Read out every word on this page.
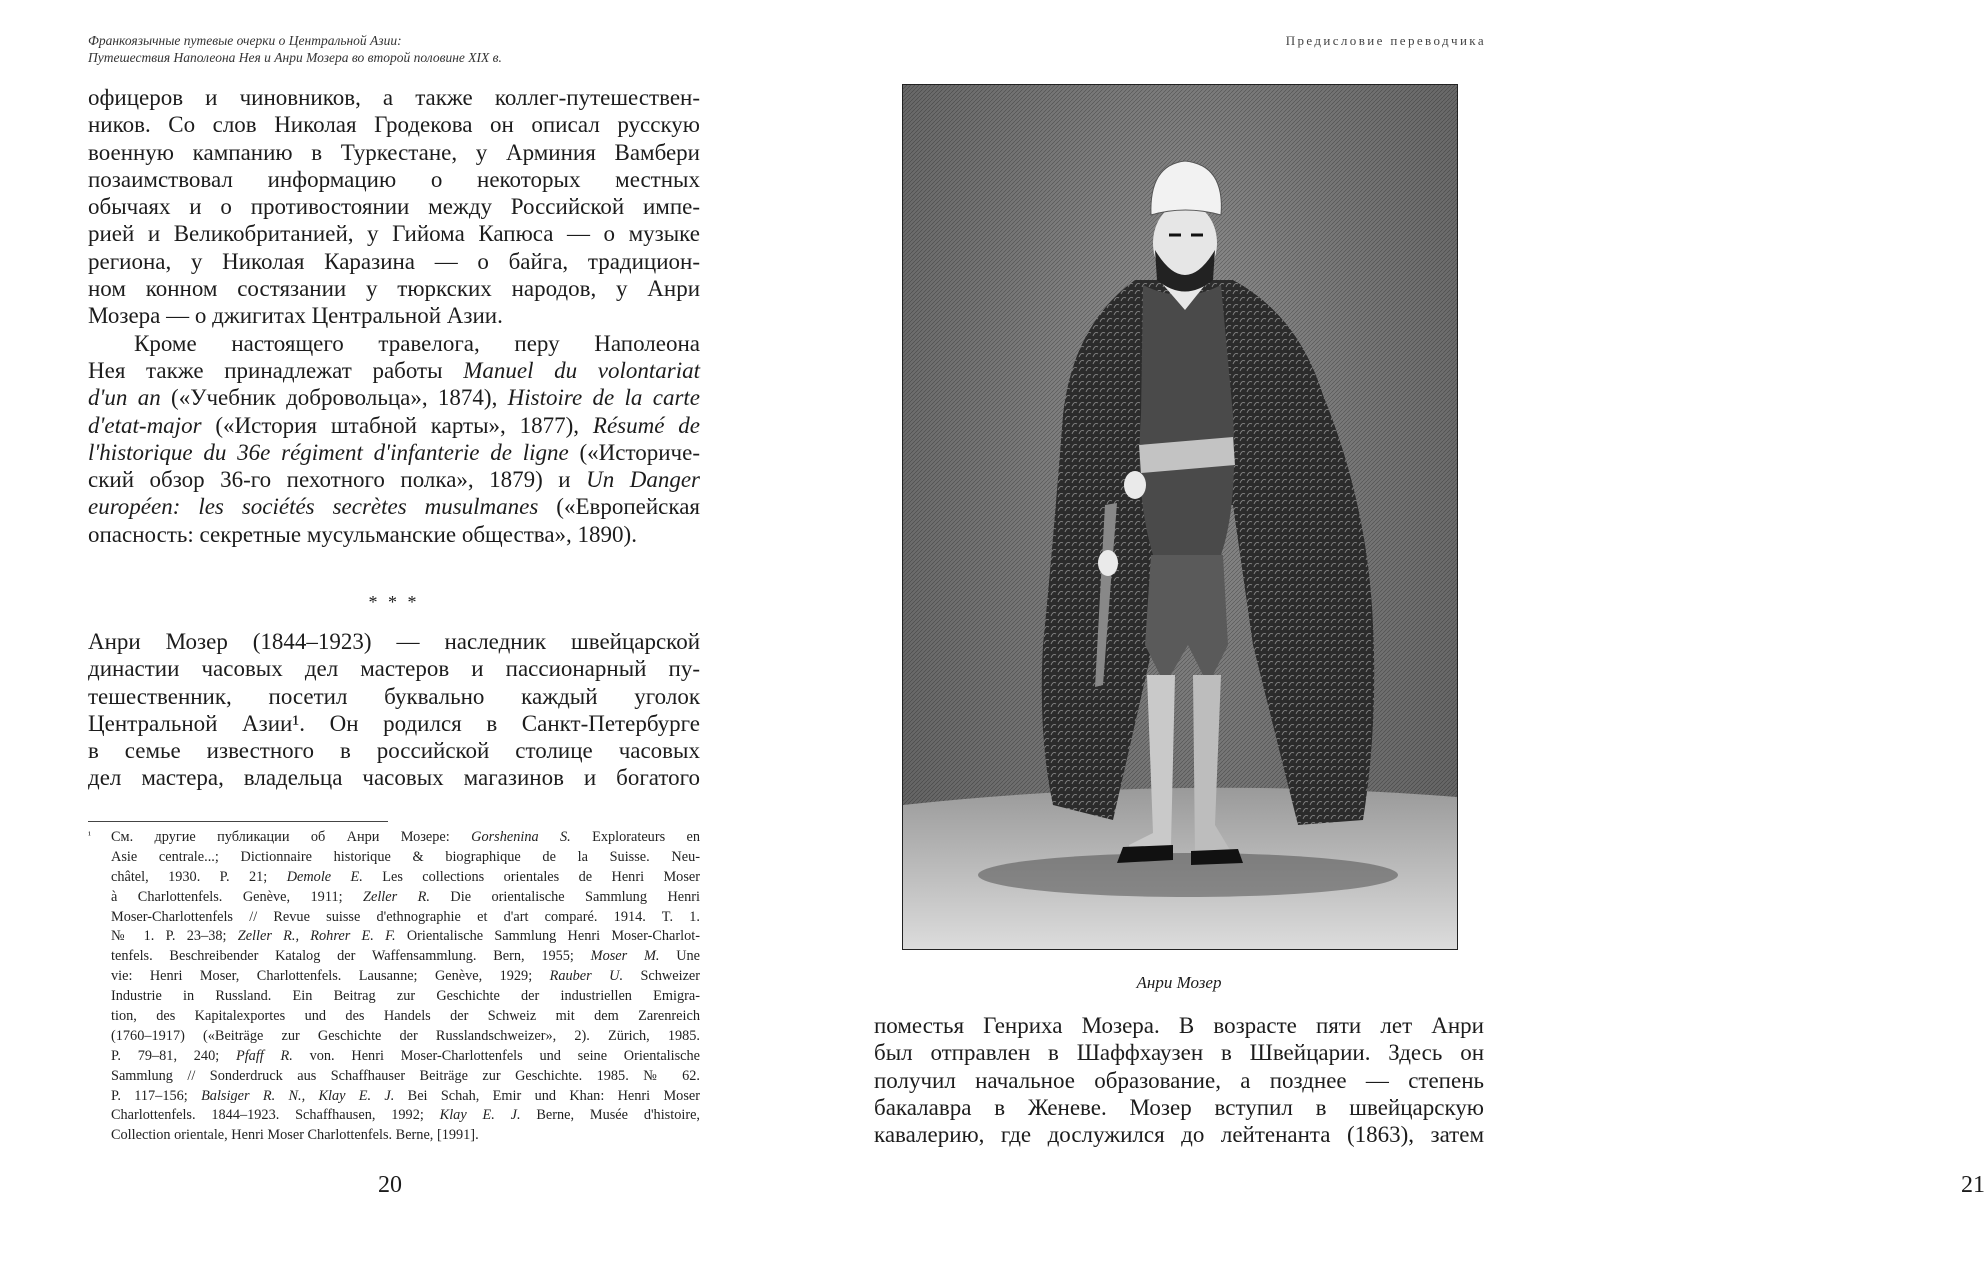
Франкоязычные путевые очерки о Центральной Азии:
Путешествия Наполеона Нея и Анри Мозера во второй половине XIX в.
офицеров и чиновников, а также коллег-путешествен-
ников. Со слов Николая Гродекова он описал русскую
военную кампанию в Туркестане, у Арминия Вамбери
позаимствовал информацию о некоторых местных
обычаях и о противостоянии между Российской импе-
рией и Великобританией, у Гийома Капюса — о музыке
региона, у Николая Каразина — о байга, традицион-
ном конном состязании у тюркских народов, у Анри
Мозера — о джигитах Центральной Азии.
Кроме настоящего травелога, перу Наполеона
Нея также принадлежат работы Manuel du volontariat
d'un an («Учебник добровольца», 1874), Histoire de la carte
d'etat-major («История штабной карты», 1877), Résumé de
l'historique du 36e régiment d'infanterie de ligne («Историче-
ский обзор 36-го пехотного полка», 1879) и Un Danger
européen: les sociétés secrètes musulmanes («Европейская
опасность: секретные мусульманские общества», 1890).
* * *
Анри Мозер (1844–1923) — наследник швейцарской
династии часовых дел мастеров и пассионарный пу-
тешественник, посетил буквально каждый уголок
Центральной Азии¹. Он родился в Санкт-Петербурге
в семье известного в российской столице часовых
дел мастера, владельца часовых магазинов и богатого
¹ См. другие публикации об Анри Мозере: Gorshenina S. Explorateurs en
Asie centrale...; Dictionnaire historique & biographique de la Suisse. Neu-
châtel, 1930. P. 21; Demole E. Les collections orientales de Henri Moser
à Charlottenfels. Genève, 1911; Zeller R. Die orientalische Sammlung Henri
Moser-Charlottenfels // Revue suisse d'ethnographie et d'art comparé. 1914. T. 1.
№ 1. P. 23–38; Zeller R., Rohrer E. F. Orientalische Sammlung Henri Moser-Charlot-
tenfels. Beschreibender Katalog der Waffensammlung. Bern, 1955; Moser M. Une
vie: Henri Moser, Charlottenfels. Lausanne; Genève, 1929; Rauber U. Schweizer
Industrie in Russland. Ein Beitrag zur Geschichte der industriellen Emigra-
tion, des Kapitalexportes und des Handels der Schweiz mit dem Zarenreich
(1760–1917) («Beiträge zur Geschichte der Russlandschweizer», 2). Zürich, 1985.
P. 79–81, 240; Pfaff R. von. Henri Moser-Charlottenfels und seine Orientalische
Sammlung // Sonderdruck aus Schaffhauser Beiträge zur Geschichte. 1985. № 62.
P. 117–156; Balsiger R. N., Klay E. J. Bei Schah, Emir und Khan: Henri Moser
Charlottenfels. 1844–1923. Schaffhausen, 1992; Klay E. J. Berne, Musée d'histoire,
Collection orientale, Henri Moser Charlottenfels. Berne, [1991].
20
Предисловие переводчика
21
Анри Мозер
поместья Генриха Мозера. В возрасте пяти лет Анри
был отправлен в Шаффхаузен в Швейцарии. Здесь он
получил начальное образование, а позднее — степень
бакалавра в Женеве. Мозер вступил в швейцарскую
кавалерию, где дослужился до лейтенанта (1863), затем
